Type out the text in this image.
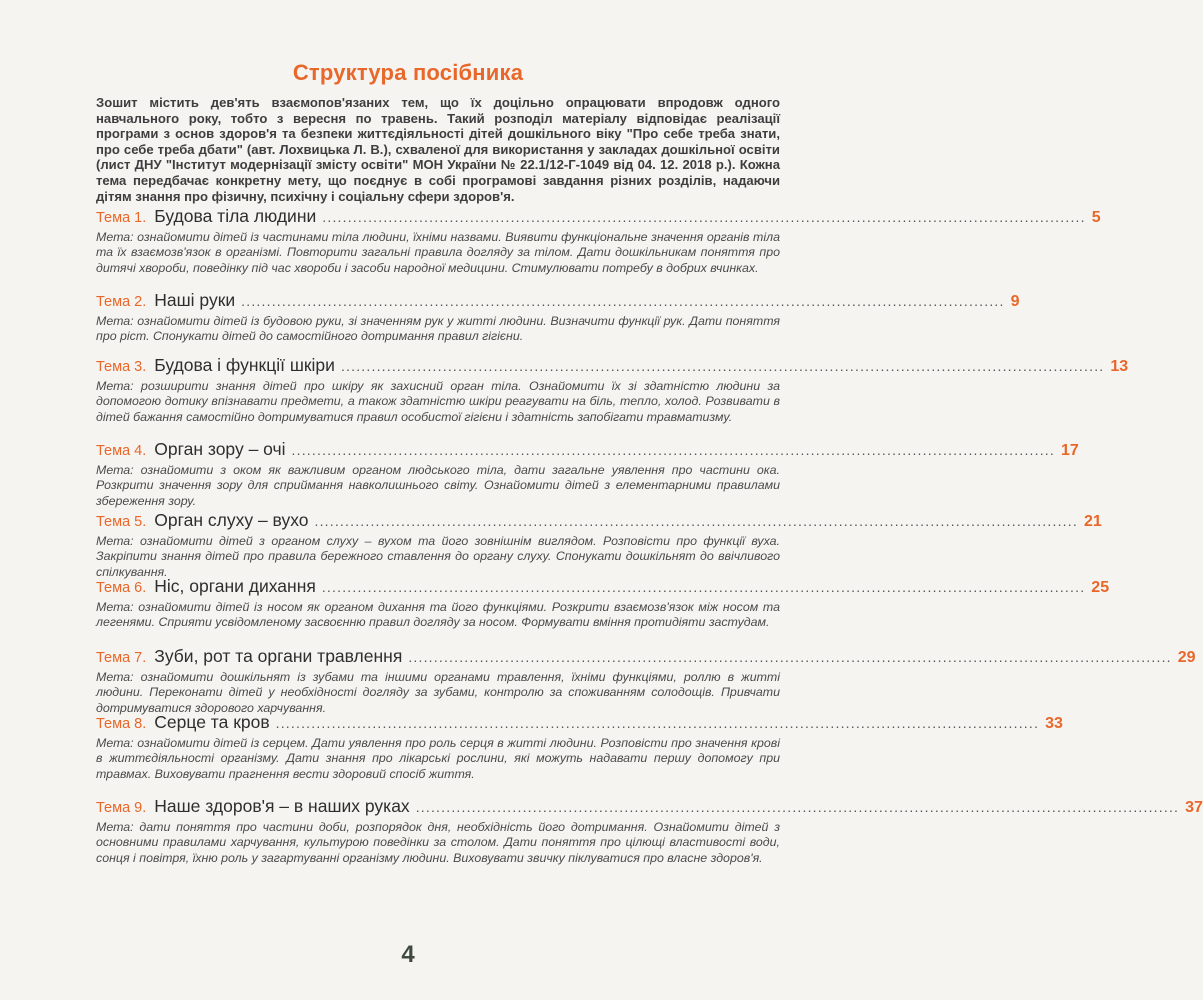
Структура посібника
Зошит містить дев'ять взаємопов'язаних тем, що їх доцільно опрацювати впродовж одного навчального року, тобто з вересня по травень. Такий розподіл матеріалу відповідає реалізації програми з основ здоров'я та безпеки життєдіяльності дітей дошкільного віку "Про себе треба знати, про себе треба дбати" (авт. Лохвицька Л. В.), схваленої для використання у закладах дошкільної освіти (лист ДНУ "Інститут модернізації змісту освіти" МОН України № 22.1/12-Г-1049 від 04. 12. 2018 р.). Кожна тема передбачає конкретну мету, що поєднує в собі програмові завдання різних розділів, надаючи дітям знання про фізичну, психічну і соціальну сфери здоров'я.
Тема 1. Будова тіла людини ...................................................................................................................................................... 5
Мета: ознайомити дітей із частинами тіла людини, їхніми назвами. Виявити функціональне значення органів тіла та їх взаємозв'язок в організмі. Повторити загальні правила догляду за тілом. Дати дошкільникам поняття про дитячі хвороби, поведінку під час хвороби і засоби народної медицини. Стимулювати потребу в добрих вчинках.
Тема 2. Наші руки ...................................................................................................................................................... 9
Мета: ознайомити дітей із будовою руки, зі значенням рук у житті людини. Визначити функції рук. Дати поняття про ріст. Спонукати дітей до самостійного дотримання правил гігієни.
Тема 3. Будова і функції шкіри ...................................................................................................................................................... 13
Мета: розширити знання дітей про шкіру як захисний орган тіла. Ознайомити їх зі здатністю людини за допомогою дотику впізнавати предмети, а також здатністю шкіри реагувати на біль, тепло, холод. Розвивати в дітей бажання самостійно дотримуватися правил особистої гігієни і здатність запобігати травматизму.
Тема 4. Орган зору – очі ...................................................................................................................................................... 17
Мета: ознайомити з оком як важливим органом людського тіла, дати загальне уявлення про частини ока. Розкрити значення зору для сприймання навколишнього світу. Ознайомити дітей з елементарними правилами збереження зору.
Тема 5. Орган слуху – вухо ...................................................................................................................................................... 21
Мета: ознайомити дітей з органом слуху – вухом та його зовнішнім виглядом. Розповісти про функції вуха. Закріпити знання дітей про правила бережного ставлення до органу слуху. Спонукати дошкільнят до ввічливого спілкування.
Тема 6. Ніс, органи дихання ...................................................................................................................................................... 25
Мета: ознайомити дітей із носом як органом дихання та його функціями. Розкрити взаємозв'язок між носом та легенями. Сприяти усвідомленому засвоєнню правил догляду за носом. Формувати вміння протидіяти застудам.
Тема 7. Зуби, рот та органи травлення ...................................................................................................................................................... 29
Мета: ознайомити дошкільнят із зубами та іншими органами травлення, їхніми функціями, роллю в житті людини. Переконати дітей у необхідності догляду за зубами, контролю за споживанням солодощів. Привчати дотримуватися здорового харчування.
Тема 8. Серце та кров ...................................................................................................................................................... 33
Мета: ознайомити дітей із серцем. Дати уявлення про роль серця в житті людини. Розповісти про значення крові в життєдіяльності організму. Дати знання про лікарські рослини, які можуть надавати першу допомогу при травмах. Виховувати прагнення вести здоровий спосіб життя.
Тема 9. Наше здоров'я – в наших руках ...................................................................................................................................................... 37
Мета: дати поняття про частини доби, розпорядок дня, необхідність його дотримання. Ознайомити дітей з основними правилами харчування, культурою поведінки за столом. Дати поняття про цілющі властивості води, сонця і повітря, їхню роль у загартуванні організму людини. Виховувати звичку піклуватися про власне здоров'я.
4
